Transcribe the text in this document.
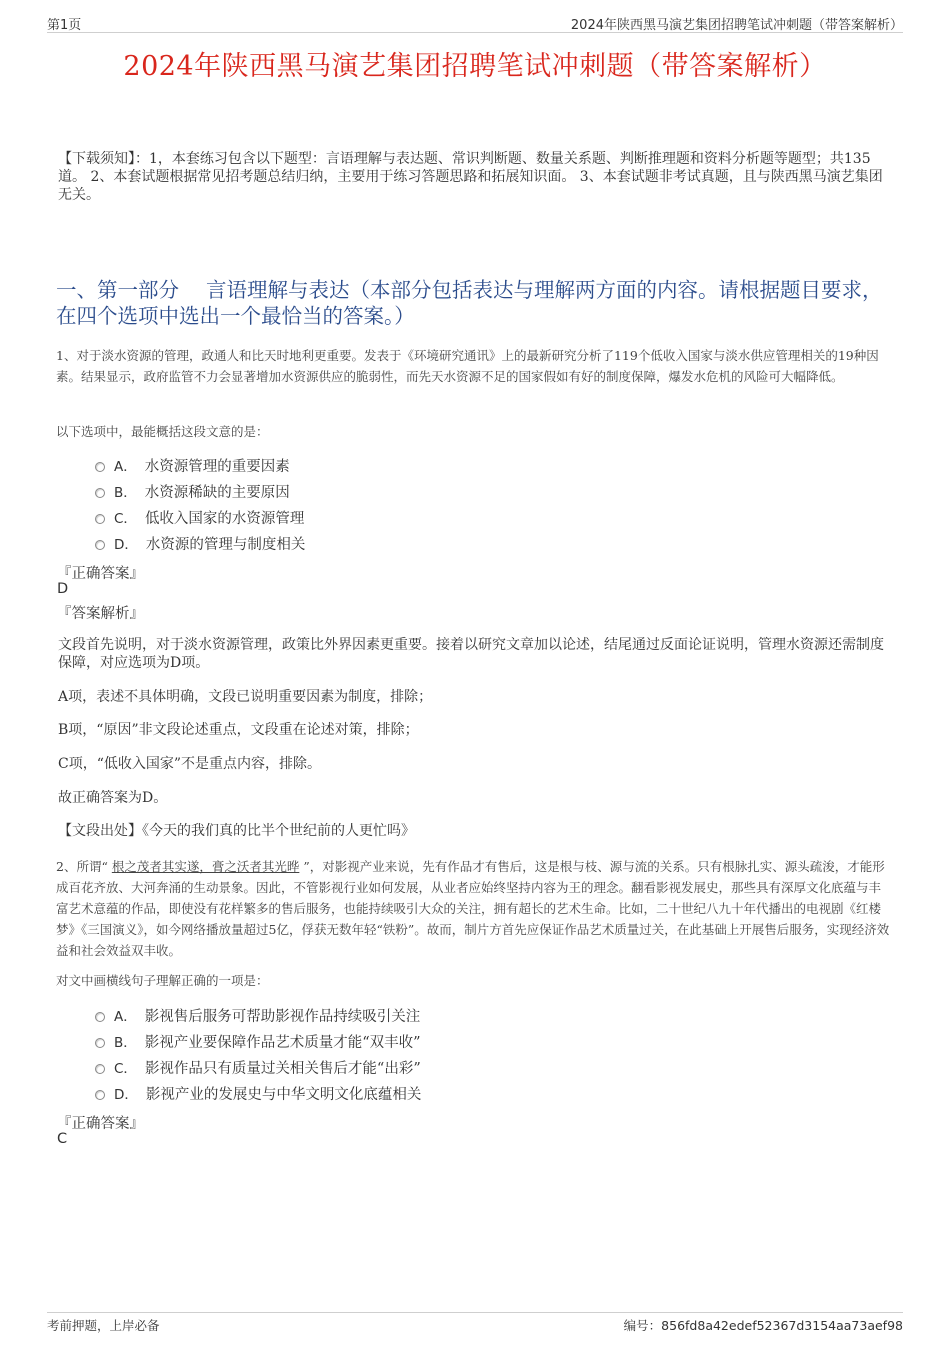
第1页	2024年陕西黑马演艺集团招聘笔试冲刺题（带答案解析）
2024年陕西黑马演艺集团招聘笔试冲刺题（带答案解析）
【下载须知】：1，本套练习包含以下题型：言语理解与表达题、常识判断题、数量关系题、判断推理题和资料分析题等题型；共135道。 2、本套试题根据常见招考题总结归纳，主要用于练习答题思路和拓展知识面。 3、本套试题非考试真题，且与陕西黑马演艺集团无关。
一、第一部分　 言语理解与表达（本部分包括表达与理解两方面的内容。请根据题目要求，在四个选项中选出一个最恰当的答案。）
1、对于淡水资源的管理，政通人和比天时地利更重要。发表于《环境研究通讯》上的最新研究分析了119个低收入国家与淡水供应管理相关的19种因素。结果显示，政府监管不力会显著增加水资源供应的脆弱性，而先天水资源不足的国家假如有好的制度保障，爆发水危机的风险可大幅降低。
以下选项中，最能概括这段文意的是：
A． 水资源管理的重要因素
B． 水资源稀缺的主要原因
C． 低收入国家的水资源管理
D． 水资源的管理与制度相关
『正确答案』
D
『答案解析』
文段首先说明，对于淡水资源管理，政策比外界因素更重要。接着以研究文章加以论述，结尾通过反面论证说明，管理水资源还需制度保障，对应选项为D项。
A项，表述不具体明确，文段已说明重要因素为制度，排除；
B项，“原因”非文段论述重点，文段重在论述对策，排除；
C项，“低收入国家”不是重点内容，排除。
故正确答案为D。
【文段出处】《今天的我们真的比半个世纪前的人更忙吗》
2、所谓“ 根之茂者其实遂，膏之沃者其光晔 ”，对影视产业来说，先有作品才有售后，这是根与枝、源与流的关系。只有根脉扎实、源头疏浚，才能形成百花齐放、大河奔涌的生动景象。因此，不管影视行业如何发展，从业者应始终坚持内容为王的理念。翻看影视发展史，那些具有深厚文化底蕴与丰富艺术意蕴的作品，即使没有花样繁多的售后服务，也能持续吸引大众的关注，拥有超长的艺术生命。比如，二十世纪八九十年代播出的电视剧《红楼梦》《三国演义》，如今网络播放量超过5亿，俘获无数年轻“铁粉”。故而，制片方首先应保证作品艺术质量过关，在此基础上开展售后服务，实现经济效益和社会效益双丰收。
对文中画横线句子理解正确的一项是：
A． 影视售后服务可帮助影视作品持续吸引关注
B． 影视产业要保障作品艺术质量才能“双丰收”
C． 影视作品只有质量过关相关售后才能“出彩”
D． 影视产业的发展史与中华文明文化底蕴相关
『正确答案』
C
考前押题，上岸必备	编号：856fd8a42edef52367d3154aa73aef98
